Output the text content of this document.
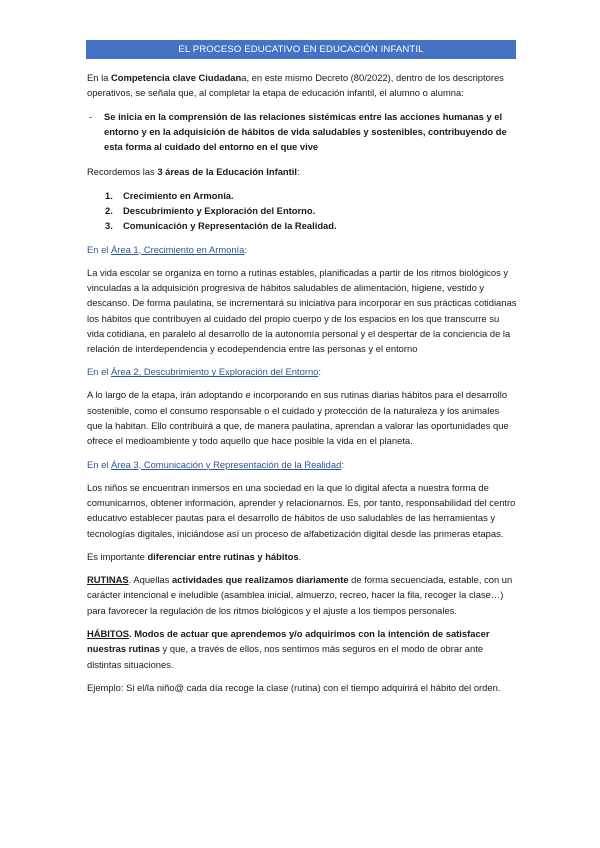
EL PROCESO EDUCATIVO EN EDUCACIÓN INFANTIL

En la Competencia clave Ciudadana, en este mismo Decreto (80/2022), dentro de los descriptores operativos, se señala que, al completar la etapa de educación infantil, el alumno o alumna:

- Se inicia en la comprensión de las relaciones sistémicas entre las acciones humanas y el entorno y en la adquisición de hábitos de vida saludables y sostenibles, contribuyendo de esta forma al cuidado del entorno en el que vive

Recordemos las 3 áreas de la Educación Infantil:

1. Crecimiento en Armonía.
2. Descubrimiento y Exploración del Entorno.
3. Comunicación y Representación de la Realidad.
En el Área 1, Crecimiento en Armonía:

La vida escolar se organiza en torno a rutinas estables, planificadas a partir de los ritmos biológicos y vinculadas a la adquisición progresiva de hábitos saludables de alimentación, higiene, vestido y descanso. De forma paulatina, se incrementará su iniciativa para incorporar en sus prácticas cotidianas los hábitos que contribuyen al cuidado del propio cuerpo y de los espacios en los que transcurre su vida cotidiana, en paralelo al desarrollo de la autonomía personal y el despertar de la conciencia de la relación de interdependencia y ecodependencia entre las personas y el entorno

En el Área 2, Descubrimiento y Exploración del Entorno:

A lo largo de la etapa, irán adoptando e incorporando en sus rutinas diarias hábitos para el desarrollo sostenible, como el consumo responsable o el cuidado y protección de la naturaleza y los animales que la habitan. Ello contribuirá a que, de manera paulatina, aprendan a valorar las oportunidades que ofrece el medioambiente y todo aquello que hace posible la vida en el planeta.

En el Área 3, Comunicación y Representación de la Realidad:

Los niños se encuentran inmersos en una sociedad en la que lo digital afecta a nuestra forma de comunicarnos, obtener información, aprender y relacionarnos. Es, por tanto, responsabilidad del centro educativo establecer pautas para el desarrollo de hábitos de uso saludables de las herramientas y tecnologías digitales, iniciándose así un proceso de alfabetización digital desde las primeras etapas.

Es importante diferenciar entre rutinas y hábitos.

RUTINAS. Aquellas actividades que realizamos diariamente de forma secuenciada, estable, con un carácter intencional e ineludible (asamblea inicial, almuerzo, recreo, hacer la fila, recoger la clase…) para favorecer la regulación de los ritmos biológicos y el ajuste a los tiempos personales.

HÁBITOS. Modos de actuar que aprendemos y/o adquirimos con la intención de satisfacer nuestras rutinas y que, a través de ellos, nos sentimos más seguros en el modo de obrar ante distintas situaciones.

Ejemplo: Si el/la niño@ cada día recoge la clase (rutina) con el tiempo adquirirá el hábito del orden.
